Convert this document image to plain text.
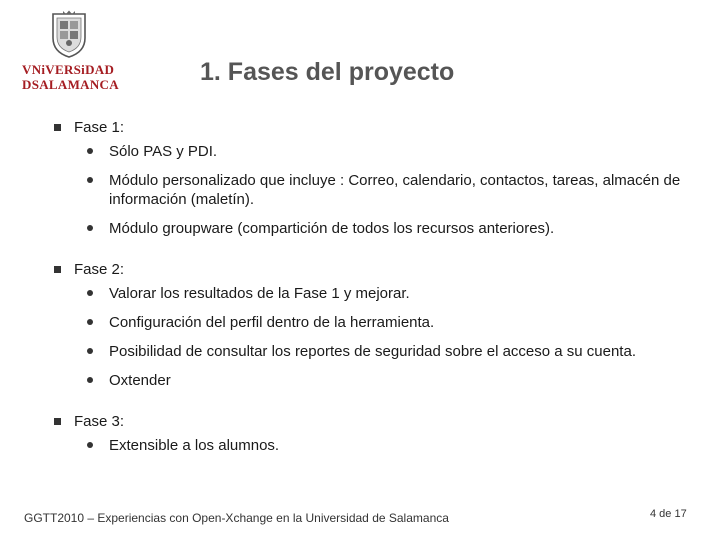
VNiVERSiDAD
DSALAMANCA	1. Fases del proyecto
Fase 1:
Sólo PAS y PDI.
Módulo personalizado que incluye : Correo, calendario, contactos, tareas, almacén de información (maletín).
Módulo groupware (compartición de todos los recursos anteriores).
Fase 2:
Valorar los resultados de la Fase 1 y mejorar.
Configuración del perfil dentro de la herramienta.
Posibilidad de consultar los reportes de seguridad sobre el acceso a su cuenta.
Oxtender
Fase 3:
Extensible a los alumnos.
GGTT2010 – Experiencias con Open-Xchange en la Universidad de Salamanca	4 de 17
